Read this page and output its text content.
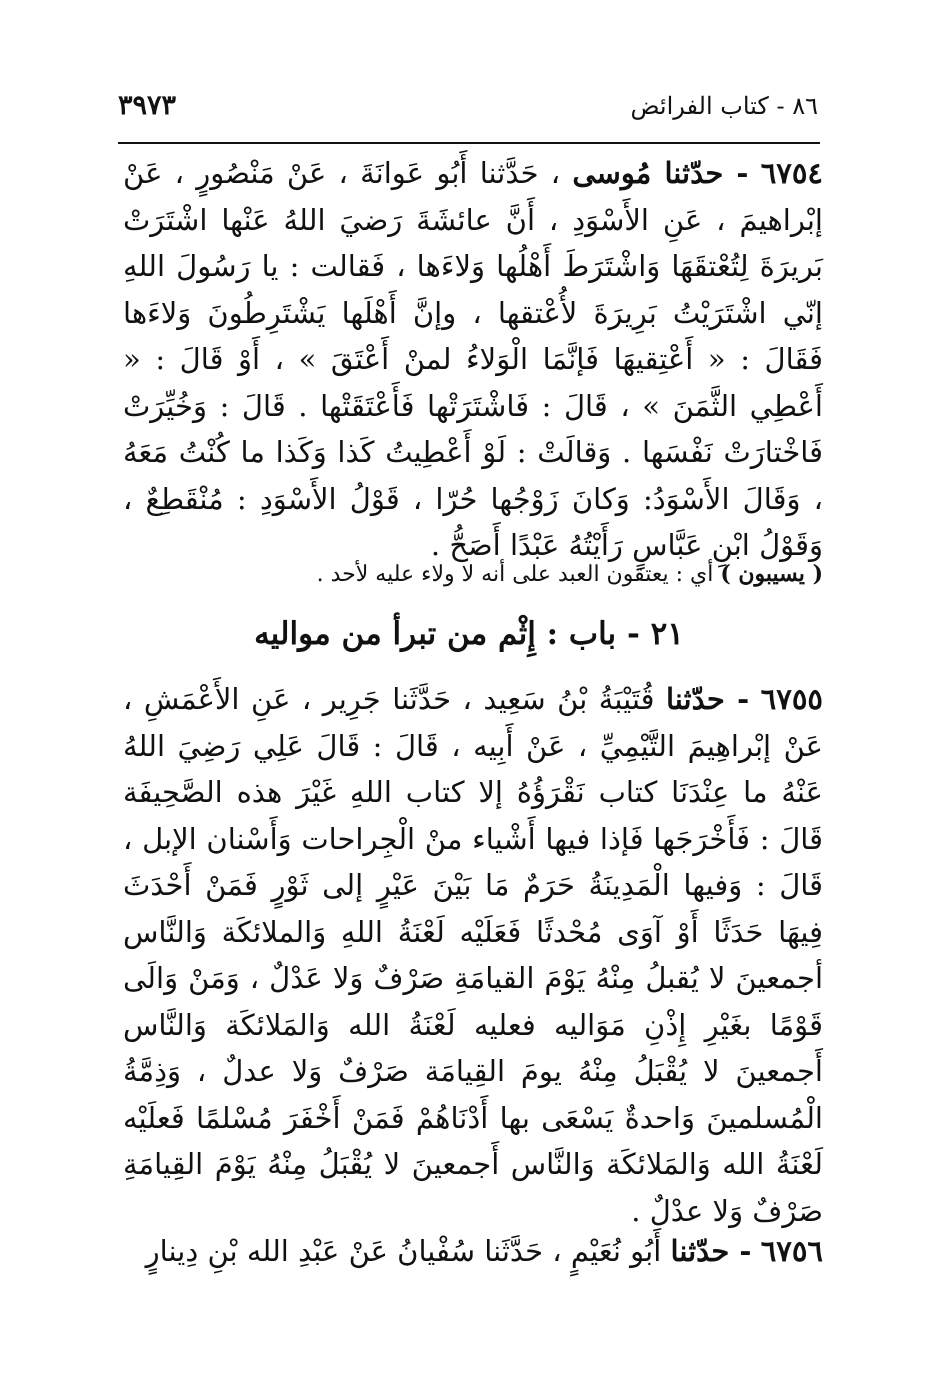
٨٦ - كتاب الفرائض
٣٩٧٣
٦٧٥٤ - حدّثنا مُوسى ، حَدَّثنا أَبُو عَوانَةَ ، عَنْ مَنْصُورٍ ، عَنْ إبْراهيمَ ، عَنِ الأَسْوَدِ ، أَنَّ عائشَةَ رَضيَ اللهُ عَنْها اشْتَرَتْ بَريرَةَ لِتُعْتقَهَا وَاشْتَرَطَ أَهْلُها وَلاءَها ، فَقالت : يا رَسُولَ اللهِ إنّي اشْتَرَيْتُ بَرِيرَةَ لأُعْتقها ، وإنَّ أَهْلَها يَشْتَرِطُونَ وَلاءَها فَقَالَ : « أَعْتِقيهَا فَإنَّمَا الْوَلاءُ لمنْ أَعْتَقَ » ، أَوْ قَالَ : « أَعْطِي الثَّمَنَ » ، قَالَ : فَاشْتَرَتْها فَأَعْتَقَتْها . قَالَ : وَخُيِّرَتْ فَاخْتارَتْ نَفْسَها . وَقالَتْ : لَوْ أَعْطِيتُ كَذا وَكَذا ما كُنْتُ مَعَهُ ، وَقَالَ الأَسْوَدُ: وَكانَ زَوْجُها حُرّا ، قَوْلُ الأَسْوَدِ : مُنْقَطِعٌ ، وَقَوْلُ ابْنِ عَبَّاسٍ رَأَيْتُهُ عَبْدًا أَصَحُّ .
( يسيبون ) أي : يعتقون العبد على أنه لا ولاء عليه لأحد .
٢١ - باب : إِثْم من تبرأ من مواليه
٦٧٥٥ - حدّثنا قُتَيْبَةُ بْنُ سَعِيد ، حَدَّثَنا جَرِير ، عَنِ الأَعْمَشِ ، عَنْ إبْراهِيمَ التَّيْمِيِّ ، عَنْ أَبِيه ، قَالَ : قَالَ عَلِي رَضِيَ اللهُ عَنْهُ ما عِنْدَنَا كتاب نَقْرَؤُهُ إلا كتاب اللهِ غَيْرَ هذه الصَّحِيفَة قَالَ : فَأَخْرَجَها فَإذا فيها أَشْياء منْ الْجِراحات وَأَسْنان الإبل ، قَالَ : وَفيها الْمَدِينَةُ حَرَمٌ مَا بَيْنَ عَيْرٍ إلى ثَوْرٍ فَمَنْ أَحْدَثَ فِيهَا حَدَثًا أَوْ آوَى مُحْدثًا فَعَلَيْه لَعْنَةُ اللهِ وَالملائكَة وَالنَّاس أجمعينَ لا يُقبلُ مِنْهُ يَوْمَ القيامَةِ صَرْفٌ وَلا عَدْلٌ ، وَمَنْ وَالَى قَوْمًا بغَيْرِ إِذْنِ مَوَاليه فعليه لَعْنَةُ الله وَالمَلائكَة وَالنَّاس أَجمعينَ لا يُقْبَلُ مِنْهُ يومَ القِيامَة صَرْفٌ وَلا عدلٌ ، وَذِمَّةُ الْمُسلمينَ وَاحدةٌ يَسْعَى بها أَدْنَاهُمْ فَمَنْ أَخْفَرَ مُسْلمًا فَعلَيْه لَعْنَةُ الله وَالمَلائكَة وَالنَّاس أَجمعينَ لا يُقْبَلُ مِنْهُ يَوْمَ القِيامَةِ صَرْفٌ وَلا عدْلٌ .
٦٧٥٦ - حدّثنا أَبُو نُعَيْمٍ ، حَدَّثَنا سُفْيانُ عَنْ عَبْدِ الله بْنِ دِينارٍ
